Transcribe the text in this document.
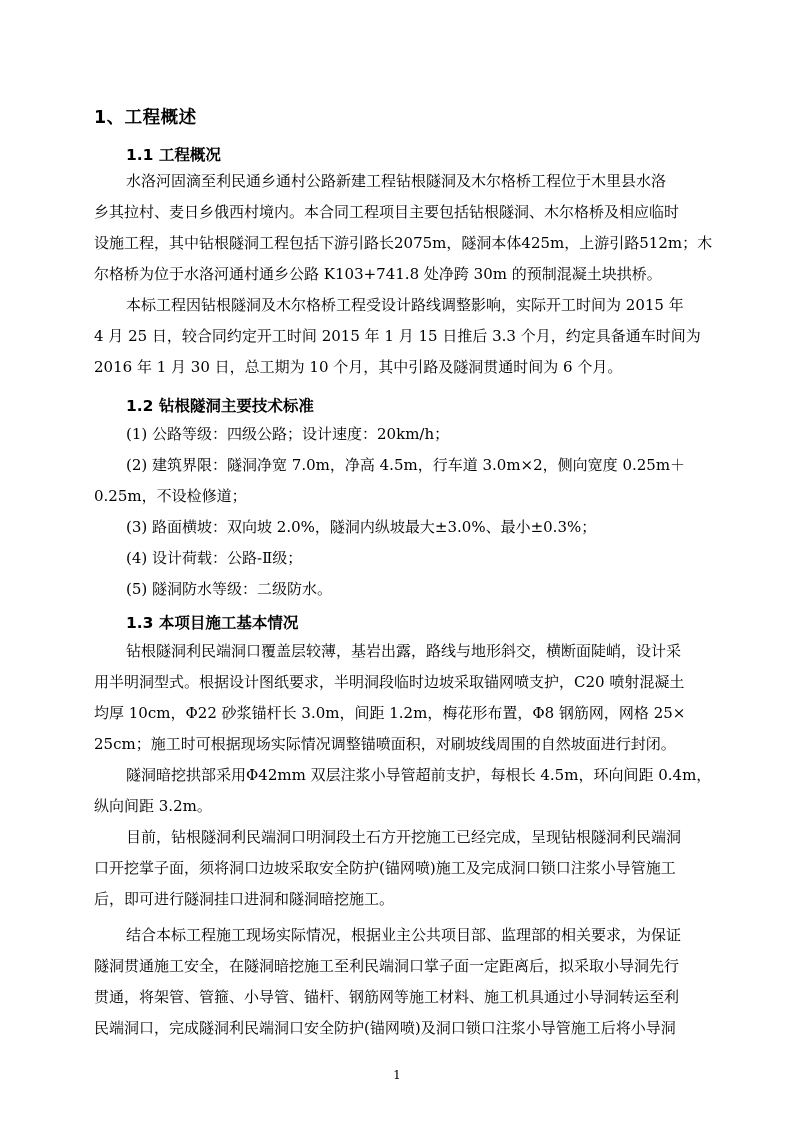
1、工程概述
1.1 工程概况
水洛河固滴至利民通乡通村公路新建工程钻根隧洞及木尔格桥工程位于木里县水洛
乡其拉村、麦日乡俄西村境内。本合同工程项目主要包括钻根隧洞、木尔格桥及相应临时
设施工程，其中钻根隧洞工程包括下游引路长2075m，隧洞本体425m，上游引路512m；木
尔格桥为位于水洛河通村通乡公路 K103+741.8 处净跨 30m 的预制混凝土块拱桥。
本标工程因钻根隧洞及木尔格桥工程受设计路线调整影响，实际开工时间为 2015 年
4 月 25 日，较合同约定开工时间 2015 年 1 月 15 日推后 3.3 个月，约定具备通车时间为
2016 年 1 月 30 日，总工期为 10 个月，其中引路及隧洞贯通时间为 6 个月。
1.2 钻根隧洞主要技术标准
(1) 公路等级：四级公路；设计速度：20km/h；
(2) 建筑界限：隧洞净宽 7.0m，净高 4.5m，行车道 3.0m×2，侧向宽度 0.25m＋
0.25m，不设检修道；
(3) 路面横坡：双向坡 2.0%，隧洞内纵坡最大±3.0%、最小±0.3%；
(4) 设计荷载：公路-Ⅱ级；
(5) 隧洞防水等级：二级防水。
1.3 本项目施工基本情况
钻根隧洞利民端洞口覆盖层较薄，基岩出露，路线与地形斜交，横断面陡峭，设计采
用半明洞型式。根据设计图纸要求，半明洞段临时边坡采取锚网喷支护，C20 喷射混凝土
均厚 10cm，Φ22 砂浆锚杆长 3.0m，间距 1.2m，梅花形布置，Φ8 钢筋网，网格 25×
25cm；施工时可根据现场实际情况调整锚喷面积，对刷坡线周围的自然坡面进行封闭。
隧洞暗挖拱部采用Φ42mm 双层注浆小导管超前支护，每根长 4.5m，环向间距 0.4m，
纵向间距 3.2m。
目前，钻根隧洞利民端洞口明洞段土石方开挖施工已经完成，呈现钻根隧洞利民端洞
口开挖掌子面，须将洞口边坡采取安全防护(锚网喷)施工及完成洞口锁口注浆小导管施工
后，即可进行隧洞挂口进洞和隧洞暗挖施工。
结合本标工程施工现场实际情况，根据业主公共项目部、监理部的相关要求，为保证
隧洞贯通施工安全，在隧洞暗挖施工至利民端洞口掌子面一定距离后，拟采取小导洞先行
贯通，将架管、管箍、小导管、锚杆、钢筋网等施工材料、施工机具通过小导洞转运至利
民端洞口，完成隧洞利民端洞口安全防护(锚网喷)及洞口锁口注浆小导管施工后将小导洞
1
